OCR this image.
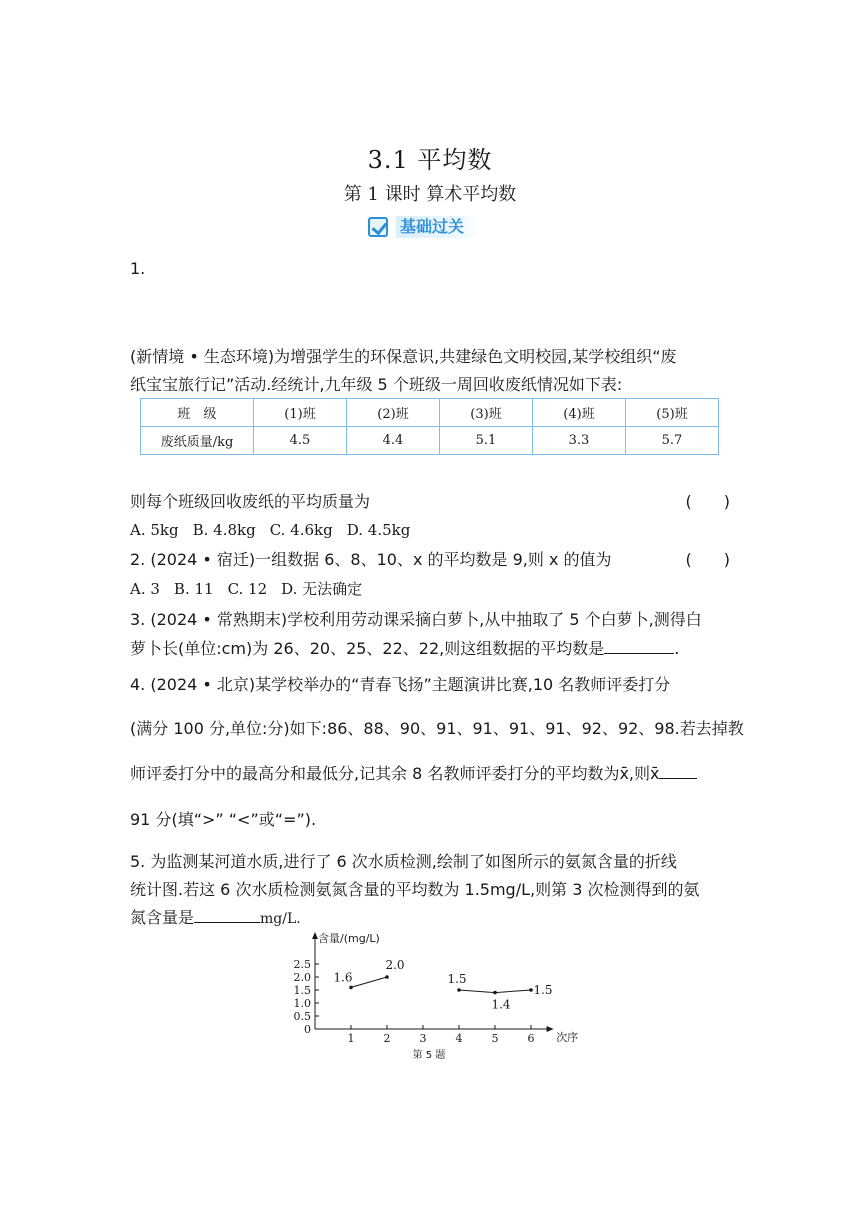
3.1 平均数
第 1 课时 算术平均数
基础过关
1.
(新情境 • 生态环境)为增强学生的环保意识,共建绿色文明校园,某学校组织“废
纸宝宝旅行记”活动.经统计,九年级 5 个班级一周回收废纸情况如下表:
班　级	(1)班	(2)班	(3)班	(4)班	(5)班
废纸质量/kg	4.5	4.4	5.1	3.3	5.7
则每个班级回收废纸的平均质量为	(　　)
A. 5kg B. 4.8kg C. 4.6kg D. 4.5kg
2. (2024 • 宿迁)一组数据 6、8、10、x 的平均数是 9,则 x 的值为	(　　)
A. 3 B. 11 C. 12 D. 无法确定
3. (2024 • 常熟期末)学校利用劳动课采摘白萝卜,从中抽取了 5 个白萝卜,测得白
萝卜长(单位:cm)为 26、20、25、22、22,则这组数据的平均数是	.
4. (2024 • 北京)某学校举办的“青春飞扬”主题演讲比赛,10 名教师评委打分
(满分 100 分,单位:分)如下:86、88、90、91、91、91、91、92、92、98.若去掉教
师评委打分中的最高分和最低分,记其余 8 名教师评委打分的平均数为x̄,则x̄
91 分(填“>” “<”或“=”).
5. 为监测某河道水质,进行了 6 次水质检测,绘制了如图所示的氨氮含量的折线
统计图.若这 6 次水质检测氨氮含量的平均数为 1.5mg/L,则第 3 次检测得到的氨
氮含量是	mg/L.
含量/(mg/L)
次序
0
0.5
1.0
1.5
2.0
2.5
1	2	3	4	5	6
1.6
2.0
1.5
1.4
1.5
第 5 题
